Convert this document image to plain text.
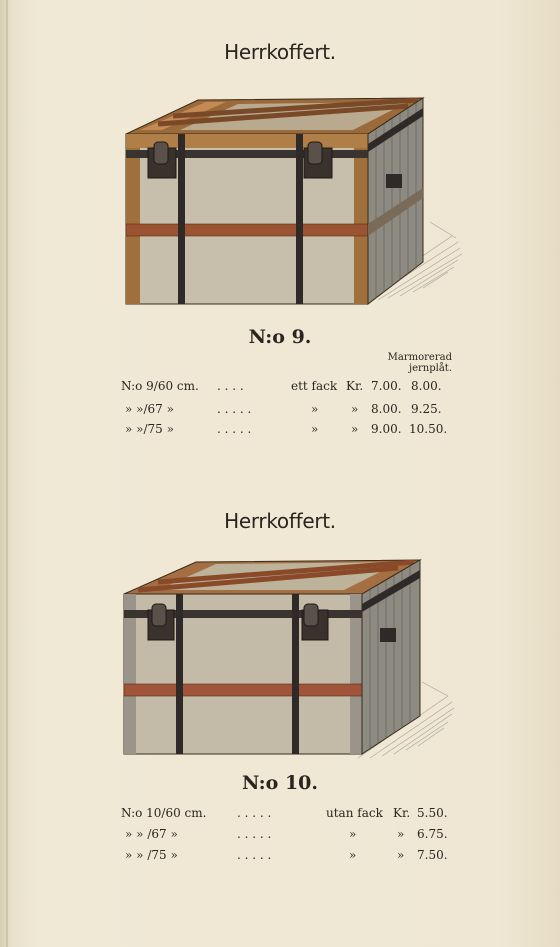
Herrkoffert.
N:o 9.
Marmorerad
jernplåt.
N:o 9/60 cm. . . . .	ett fack Kr. 7.00. 8.00.
» »/67 »	. . . . .	»	» 8.00. 9.25.
» »/75 »	. . . . .	»	» 9.00. 10.50.
Herrkoffert.
N:o 10.
N:o 10/60 cm.	. . . . .	utan fack Kr. 5.50.
» » /67 »	. . . . .	»	» 6.75.
» » /75 »	. . . . .	»	» 7.50.
